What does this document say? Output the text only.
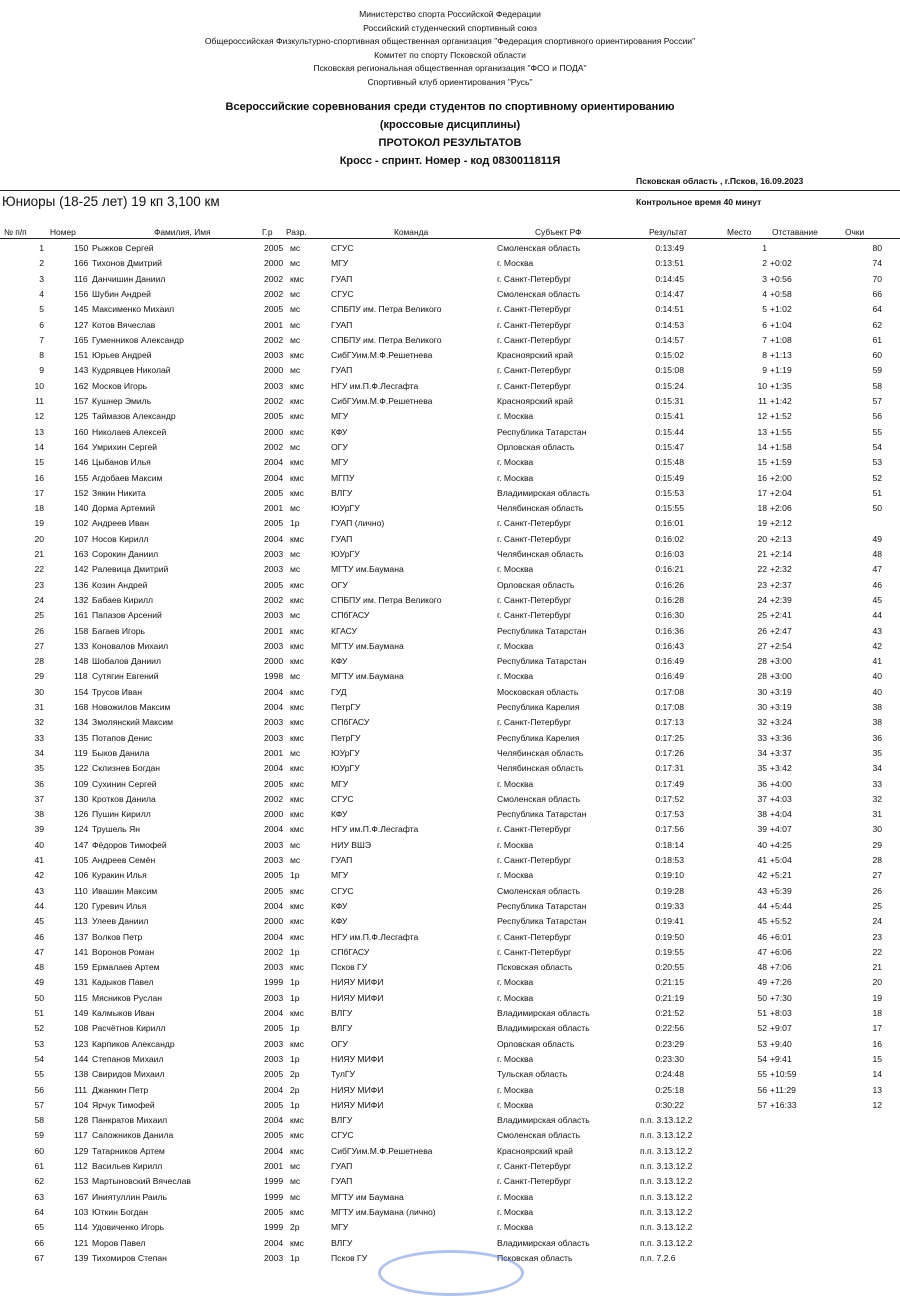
Министерство спорта Российской Федерации
Российский студенческий спортивный союз
Общероссийская Физкультурно-спортивная общественная организация "Федерация спортивного ориентирования России"
Комитет по спорту Псковской области
Псковская региональная общественная организация "ФСО и ПОДА"
Спортивный клуб ориентирования "Русь"
Всероссийские соревнования среди студентов по спортивному ориентированию
(кроссовые дисциплины)
ПРОТОКОЛ РЕЗУЛЬТАТОВ
Кросс - спринт. Номер - код 0830011811Я
Псковская область , г.Псков, 16.09.2023
Юниоры (18-25 лет) 19 кп 3,100 км	Контрольное время 40 минут
№ п/п	Номер	Фамилия, Имя	Г.р Разр.	Команда	Субъект РФ	Результат	Место Отставание	Очки
1	150 Рыжков Сергей	2005 мс	СГУС	Смоленская область	0:13:49	1	80
2	166 Тихонов Дмитрий	2000 мс	МГУ	г. Москва	0:13:51	2 +0:02	74
3	116 Данчишин Даниил	2002 кмс	ГУАП	г. Санкт-Петербург	0:14:45	3 +0:56	70
4	156 Шубин Андрей	2002 мс	СГУС	Смоленская область	0:14:47	4 +0:58	66
5	145 Максименко Михаил	2005 мс	СПБПУ им. Петра Великого	г. Санкт-Петербург	0:14:51	5 +1:02	64
6	127 Котов Вячеслав	2001 мс	ГУАП	г. Санкт-Петербург	0:14:53	6 +1:04	62
7	165 Гуменников Александр	2002 мс	СПБПУ им. Петра Великого	г. Санкт-Петербург	0:14:57	7 +1:08	61
8	151 Юрьев Андрей	2003 кмс	СибГУим.М.Ф.Решетнева	Красноярский край	0:15:02	8 +1:13	60
9	143 Кудрявцев Николай	2000 мс	ГУАП	г. Санкт-Петербург	0:15:08	9 +1:19	59
10	162 Москов Игорь	2003 кмс	НГУ им.П.Ф.Лесгафта	г. Санкт-Петербург	0:15:24	10 +1:35	58
11	157 Кушнер Эмиль	2002 кмс	СибГУим.М.Ф.Решетнева	Красноярский край	0:15:31	11 +1:42	57
12	125 Таймазов Александр	2005 кмс	МГУ	г. Москва	0:15:41	12 +1:52	56
13	160 Николаев Алексей	2000 кмс	КФУ	Республика Татарстан	0:15:44	13 +1:55	55
14	164 Умрихин Сергей	2002 мс	ОГУ	Орловская область	0:15:47	14 +1:58	54
15	146 Цыбанов Илья	2004 кмс	МГУ	г. Москва	0:15:48	15 +1:59	53
16	155 Агдобаев Максим	2004 кмс	МГПУ	г. Москва	0:15:49	16 +2:00	52
17	152 Зякин Никита	2005 кмс	ВЛГУ	Владимирская область	0:15:53	17 +2:04	51
18	140 Дорма Артемий	2001 мс	ЮУрГУ	Челябинская область	0:15:55	18 +2:06	50
19	102 Андреев Иван	2005 1р	ГУАП (лично)	г. Санкт-Петербург	0:16:01	19 +2:12
20	107 Носов Кирилл	2004 кмс	ГУАП	г. Санкт-Петербург	0:16:02	20 +2:13	49
21	163 Сорокин Даниил	2003 мс	ЮУрГУ	Челябинская область	0:16:03	21 +2:14	48
22	142 Ралевица Дмитрий	2003 мс	МГТУ им.Баумана	г. Москва	0:16:21	22 +2:32	47
23	136 Козин Андрей	2005 кмс	ОГУ	Орловская область	0:16:26	23 +2:37	46
24	132 Бабаев Кирилл	2002 кмс	СПБПУ им. Петра Великого	г. Санкт-Петербург	0:16:28	24 +2:39	45
25	161 Папазов Арсений	2003 мс	СПбГАСУ	г. Санкт-Петербург	0:16:30	25 +2:41	44
26	158 Багаев Игорь	2001 кмс	КГАСУ	Республика Татарстан	0:16:36	26 +2:47	43
27	133 Коновалов Михаил	2003 кмс	МГТУ им.Баумана	г. Москва	0:16:43	27 +2:54	42
28	148 Шобалов Даниил	2000 кмс	КФУ	Республика Татарстан	0:16:49	28 +3:00	41
29	118 Сутягин Евгений	1998 мс	МГТУ им.Баумана	г. Москва	0:16:49	28 +3:00	40
30	154 Трусов Иван	2004 кмс	ГУД	Московская область	0:17:08	30 +3:19	40
31	168 Новожилов Максим	2004 кмс	ПетрГУ	Республика Карелия	0:17:08	30 +3:19	38
32	134 Змолянский Максим	2003 кмс	СПбГАСУ	г. Санкт-Петербург	0:17:13	32 +3:24	38
33	135 Потапов Денис	2003 кмс	ПетрГУ	Республика Карелия	0:17:25	33 +3:36	36
34	119 Быков Данила	2001 мс	ЮУрГУ	Челябинская область	0:17:26	34 +3:37	35
35	122 Склизнев Богдан	2004 кмс	ЮУрГУ	Челябинская область	0:17:31	35 +3:42	34
36	109 Сухинин Сергей	2005 кмс	МГУ	г. Москва	0:17:49	36 +4:00	33
37	130 Кротков Данила	2002 кмс	СГУС	Смоленская область	0:17:52	37 +4:03	32
38	126 Пушин Кирилл	2000 кмс	КФУ	Республика Татарстан	0:17:53	38 +4:04	31
39	124 Трушель Ян	2004 кмс	НГУ им.П.Ф.Лесгафта	г. Санкт-Петербург	0:17:56	39 +4:07	30
40	147 Фёдоров Тимофей	2003 мс	НИУ ВШЭ	г. Москва	0:18:14	40 +4:25	29
41	105 Андреев Семён	2003 мс	ГУАП	г. Санкт-Петербург	0:18:53	41 +5:04	28
42	106 Куракин Илья	2005 1р	МГУ	г. Москва	0:19:10	42 +5:21	27
43	110 Ивашин Максим	2005 кмс	СГУС	Смоленская область	0:19:28	43 +5:39	26
44	120 Гуревич Илья	2004 кмс	КФУ	Республика Татарстан	0:19:33	44 +5:44	25
45	113 Улеев Даниил	2000 кмс	КФУ	Республика Татарстан	0:19:41	45 +5:52	24
46	137 Волков Петр	2004 кмс	НГУ им.П.Ф.Лесгафта	г. Санкт-Петербург	0:19:50	46 +6:01	23
47	141 Воронов Роман	2002 1р	СПбГАСУ	г. Санкт-Петербург	0:19:55	47 +6:06	22
48	159 Ермалаев Артем	2003 кмс	Псков ГУ	Псковская область	0:20:55	48 +7:06	21
49	131 Кадыков Павел	1999 1р	НИЯУ МИФИ	г. Москва	0:21:15	49 +7:26	20
50	115 Мясников Руслан	2003 1р	НИЯУ МИФИ	г. Москва	0:21:19	50 +7:30	19
51	149 Калмыков Иван	2004 кмс	ВЛГУ	Владимирская область	0:21:52	51 +8:03	18
52	108 Расчётнов Кирилл	2005 1р	ВЛГУ	Владимирская область	0:22:56	52 +9:07	17
53	123 Карпиков Александр	2003 кмс	ОГУ	Орловская область	0:23:29	53 +9:40	16
54	144 Степанов Михаил	2003 1р	НИЯУ МИФИ	г. Москва	0:23:30	54 +9:41	15
55	138 Свиридов Михаил	2005 2р	ТулГУ	Тульская область	0:24:48	55 +10:59	14
56	111 Джанкин Петр	2004 2р	НИЯУ МИФИ	г. Москва	0:25:18	56 +11:29	13
57	104 Ярчук Тимофей	2005 1р	НИЯУ МИФИ	г. Москва	0:30:22	57 +16:33	12
58	128 Панкратов Михаил	2004 кмс	ВЛГУ	Владимирская область	п.п. 3.13.12.2
59	117 Сапожников Данила	2005 кмс	СГУС	Смоленская область	п.п. 3.13.12.2
60	129 Татарников Артем	2004 кмс	СибГУим.М.Ф.Решетнева	Красноярский край	п.п. 3.13.12.2
61	112 Васильев Кирилл	2001 мс	ГУАП	г. Санкт-Петербург	п.п. 3.13.12.2
62	153 Мартыновский Вячеслав	1999 мс	ГУАП	г. Санкт-Петербург	п.п. 3.13.12.2
63	167 Иниятуллин Раиль	1999 мс	МГТУ им Баумана	г. Москва	п.п. 3.13.12.2
64	103 Юткин Богдан	2005 кмс	МГТУ им.Баумана (лично)	г. Москва	п.п. 3.13.12.2
65	114 Удовиченко Игорь	1999 2р	МГУ	г. Москва	п.п. 3.13.12.2
66	121 Моров Павел	2004 кмс	ВЛГУ	Владимирская область	п.п. 3.13.12.2
67	139 Тихомиров Степан	2003 1р	Псков ГУ	Псковская область	п.п. 7.2.6
